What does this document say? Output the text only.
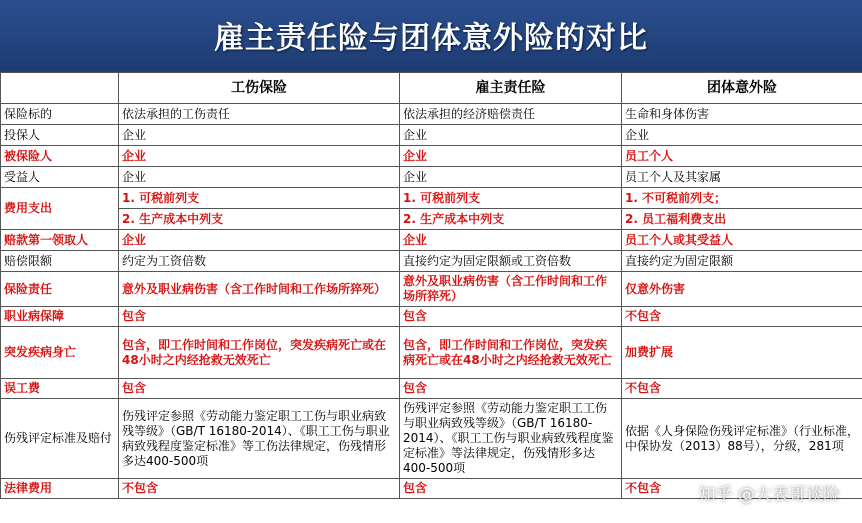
雇主责任险与团体意外险的对比
	工伤保险	雇主责任险	团体意外险
保险标的	依法承担的工伤责任	依法承担的经济赔偿责任	生命和身体伤害
投保人	企业	企业	企业
被保险人	企业	企业	员工个人
受益人	企业	企业	员工个人及其家属
费用支出	1. 可税前列支	1. 可税前列支	1. 不可税前列支；
	2. 生产成本中列支	2. 生产成本中列支	2. 员工福利费支出
赔款第一领取人	企业	企业	员工个人或其受益人
赔偿限额	约定为工资倍数	直接约定为固定限额或工资倍数	直接约定为固定限额
保险责任	意外及职业病伤害（含工作时间和工作场所猝死）	意外及职业病伤害（含工作时间和工作场所猝死）	仅意外伤害
职业病保障	包含	包含	不包含
突发疾病身亡	包含，即工作时间和工作岗位，突发疾病死亡或在48小时之内经抢救无效死亡	包含，即工作时间和工作岗位，突发疾病死亡或在48小时之内经抢救无效死亡	加费扩展
误工费	包含	包含	不包含
伤残评定标准及赔付	伤残评定参照《劳动能力鉴定职工工伤与职业病致残等级》（GB/T 16180-2014）、《职工工伤与职业病致残程度鉴定标准》等工伤法律规定，伤残情形多达400-500项	伤残评定参照《劳动能力鉴定职工工伤与职业病致残等级》（GB/T 16180-2014）、《职工工伤与职业病致残程度鉴定标准》等法律规定，伤残情形多达400-500项	依据《人身保险伤残评定标准》（行业标准，中保协发（2013）88号），分级，281项
法律费用	不包含	包含	不包含 知乎 @大表哥谈险
